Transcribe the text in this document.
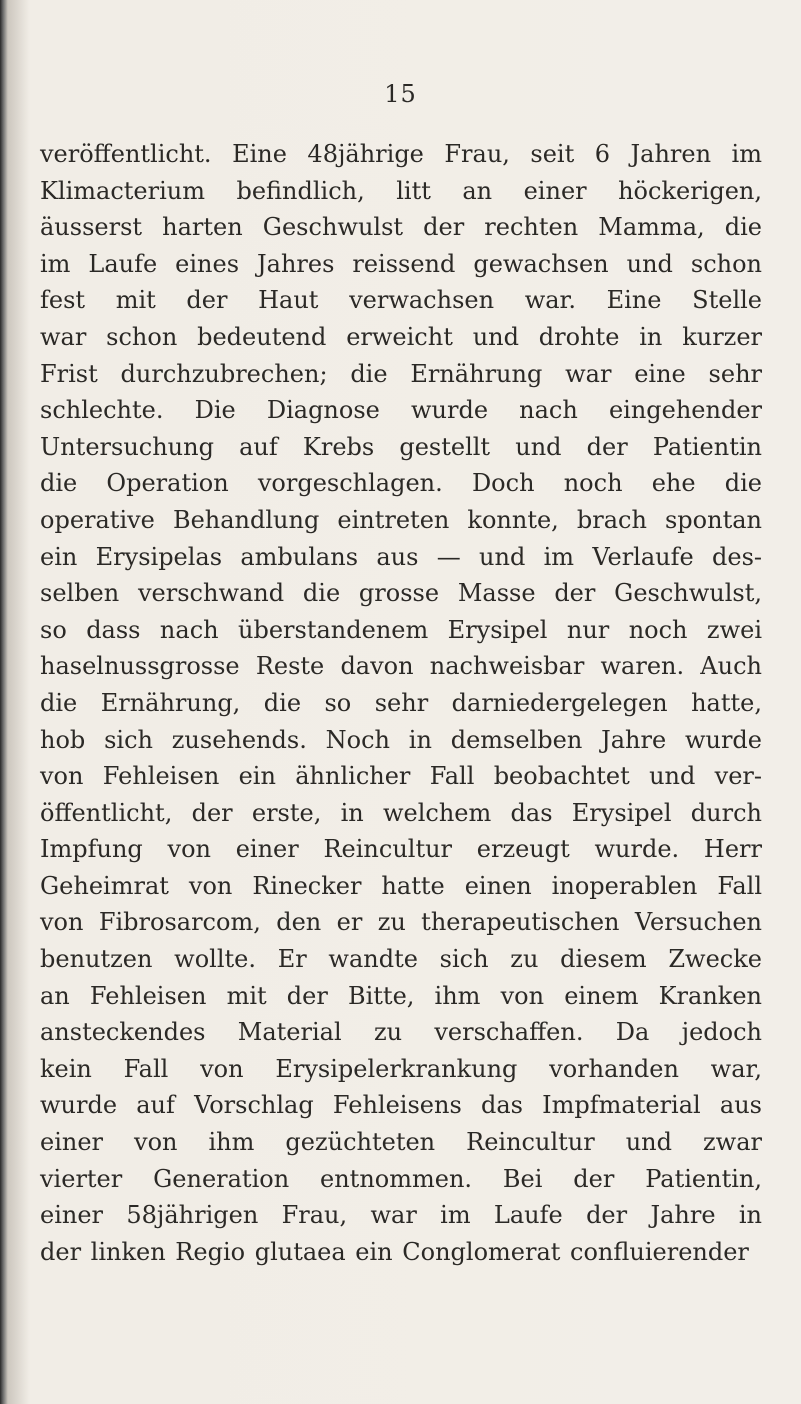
15
veröffentlicht. Eine 48jährige Frau, seit 6 Jahren im
Klimacterium befindlich, litt an einer höckerigen,
äusserst harten Geschwulst der rechten Mamma, die
im Laufe eines Jahres reissend gewachsen und schon
fest mit der Haut verwachsen war. Eine Stelle
war schon bedeutend erweicht und drohte in kurzer
Frist durchzubrechen; die Ernährung war eine sehr
schlechte. Die Diagnose wurde nach eingehender
Untersuchung auf Krebs gestellt und der Patientin
die Operation vorgeschlagen. Doch noch ehe die
operative Behandlung eintreten konnte, brach spontan
ein Erysipelas ambulans aus — und im Verlaufe des-
selben verschwand die grosse Masse der Geschwulst,
so dass nach überstandenem Erysipel nur noch zwei
haselnussgrosse Reste davon nachweisbar waren. Auch
die Ernährung, die so sehr darniedergelegen hatte,
hob sich zusehends. Noch in demselben Jahre wurde
von Fehleisen ein ähnlicher Fall beobachtet und ver-
öffentlicht, der erste, in welchem das Erysipel durch
Impfung von einer Reincultur erzeugt wurde. Herr
Geheimrat von Rinecker hatte einen inoperablen Fall
von Fibrosarcom, den er zu therapeutischen Versuchen
benutzen wollte. Er wandte sich zu diesem Zwecke
an Fehleisen mit der Bitte, ihm von einem Kranken
ansteckendes Material zu verschaffen. Da jedoch
kein Fall von Erysipelerkrankung vorhanden war,
wurde auf Vorschlag Fehleisens das Impfmaterial aus
einer von ihm gezüchteten Reincultur und zwar
vierter Generation entnommen. Bei der Patientin,
einer 58jährigen Frau, war im Laufe der Jahre in
der linken Regio glutaea ein Conglomerat confluierender
